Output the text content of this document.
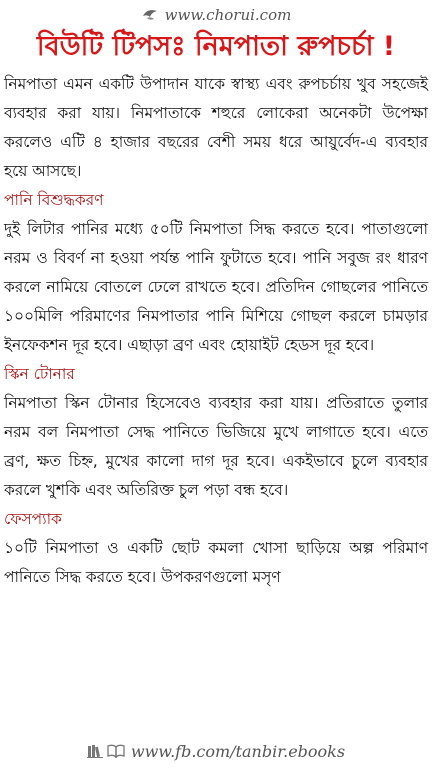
www.chorui.com
বিউটি টিপসঃ নিমপাতা রুপচর্চা !

নিমপাতা এমন একটি উপাদান যাকে স্বাস্থ্য এবং রুপচর্চায় খুব সহজেই ব্যবহার করা যায়। নিমপাতাকে শহুরে লোকেরা অনেকটা উপেক্ষা করলেও এটি ৪ হাজার বছরের বেশী সময় ধরে আয়ুর্বেদ-এ ব্যবহার হয়ে আসছে।

পানি বিশুদ্ধকরণ

দুই লিটার পানির মধ্যে ৫০টি নিমপাতা সিদ্ধ করতে হবে। পাতাগুলো নরম ও বিবর্ণ না হওয়া পর্যন্ত পানি ফুটাতে হবে। পানি সবুজ রং ধারণ করলে নামিয়ে বোতলে ঢেলে রাখতে হবে। প্রতিদিন গোছলের পানিতে ১০০মিলি পরিমাণের নিমপাতার পানি মিশিয়ে গোছল করলে চামড়ার ইনফেকশন দূর হবে। এছাড়া ব্রণ এবং হোয়াইট হেডস দূর হবে।

স্কিন টোনার

নিমপাতা স্কিন টোনার হিসেবেও ব্যবহার করা যায়। প্রতিরাতে তুলার নরম বল নিমপাতা সেদ্ধ পানিতে ভিজিয়ে মুখে লাগাতে হবে। এতে ব্রণ, ক্ষত চিহ্ন, মুখের কালো দাগ দূর হবে। একইভাবে চুলে ব্যবহার করলে খুশকি এবং অতিরিক্ত চুল পড়া বন্ধ হবে।

ফেসপ্যাক

১০টি নিমপাতা ও একটি ছোট কমলা খোসা ছাড়িয়ে অল্প পরিমাণ পানিতে সিদ্ধ করতে হবে। উপকরণগুলো মসৃণ

www.fb.com/tanbir.ebooks
